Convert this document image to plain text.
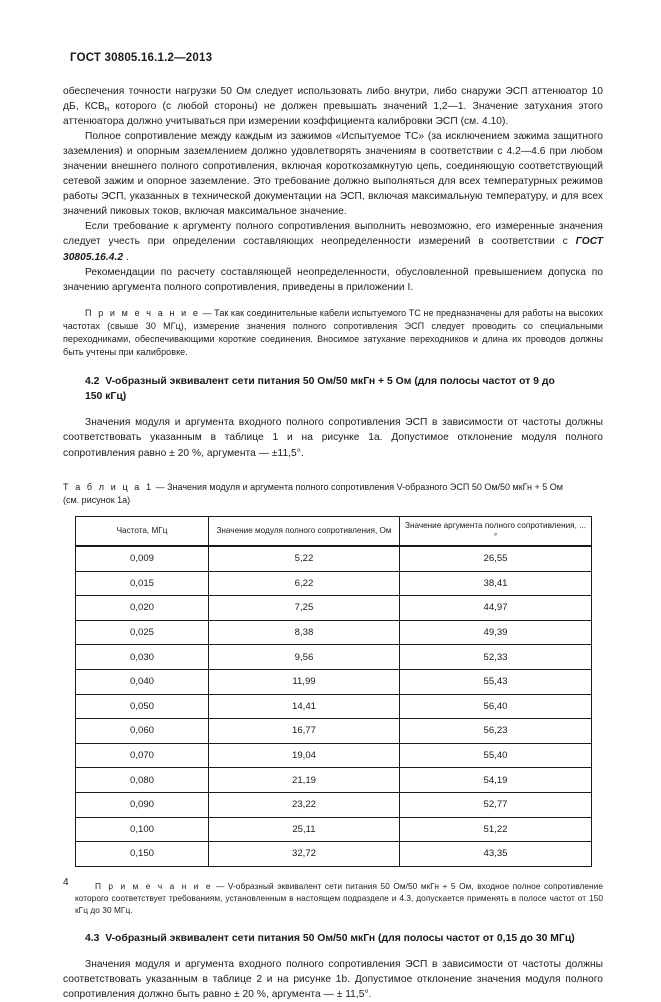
ГОСТ 30805.16.1.2—2013

обеспечения точности нагрузки 50 Ом следует использовать либо внутри, либо снаружи ЭСП аттенюатор 10 дБ, $КСВ_н$ которого (с любой стороны) не должен превышать значений 1,2—1. Значение затухания этого аттенюатора должно учитываться при измерении коэффициента калибровки ЭСП (см. 4.10).

Полное сопротивление между каждым из зажимов «Испытуемое ТС» (за исключением зажима защитного заземления) и опорным заземлением должно удовлетворять значениям в соответствии с 4.2—4.6 при любом значении внешнего полного сопротивления, включая короткозамкнутую цепь, соединяющую соответствующий сетевой зажим и опорное заземление. Это требование должно выполняться для всех температурных режимов работы ЭСП, указанных в технической документации на ЭСП, включая максимальную температуру, и для всех значений пиковых токов, включая максимальное значение.

Если требование к аргументу полного сопротивления выполнить невозможно, его измеренные значения следует учесть при определении составляющих неопределенности измерений в соответствии с ГОСТ 30805.16.4.2 .

Рекомендации по расчету составляющей неопределенности, обусловленной превышением допуска по значению аргумента полного сопротивления, приведены в приложении I.

П р и м е ч а н и е — Так как соединительные кабели испытуемого ТС не предназначены для работы на высоких частотах (свыше 30 МГц), измерение значения полного сопротивления ЭСП следует проводить со специальными переходниками, обеспечивающими короткие соединения. Вносимое затухание переходников и длина их проводов должны быть учтены при калибровке.

4.2 V-образный эквивалент сети питания 50 Ом/50 мкГн + 5 Ом (для полосы частот от 9 до
150 кГц)

Значения модуля и аргумента входного полного сопротивления ЭСП в зависимости от частоты должны соответствовать указанным в таблице 1 и на рисунке 1a. Допустимое отклонение модуля полного сопротивления равно ± 20 %, аргумента — ±11,5°.

Т а б л и ц а 1 — Значения модуля и аргумента полного сопротивления V-образного ЭСП 50 Ом/50 мкГн + 5 Ом
(см. рисунок 1a)
Частота, МГц	Значение модуля полного сопротивления, Ом	Значение аргумента полного сопротивления, ...°
0,009	5,22	26,55
0,015	6,22	38,41
0,020	7,25	44,97
0,025	8,38	49,39
0,030	9,56	52,33
0,040	11,99	55,43
0,050	14,41	56,40
0,060	16,77	56,23
0,070	19,04	55,40
0,080	21,19	54,19
0,090	23,22	52,77
0,100	25,11	51,22
0,150	32,72	43,35

П р и м е ч а н и е — V-образный эквивалент сети питания 50 Ом/50 мкГн + 5 Ом, входное полное сопротивление которого соответствует требованиям, установленным в настоящем подразделе и 4.3, допускается применять в полосе частот от 150 кГц до 30 МГц.

4.3 V-образный эквивалент сети питания 50 Ом/50 мкГн (для полосы частот от 0,15 до 30 МГц)

Значения модуля и аргумента входного полного сопротивления ЭСП в зависимости от частоты должны соответствовать указанным в таблице 2 и на рисунке 1b. Допустимое отклонение значения модуля полного сопротивления должно быть равно ± 20 %, аргумента — ± 11,5°.

4
